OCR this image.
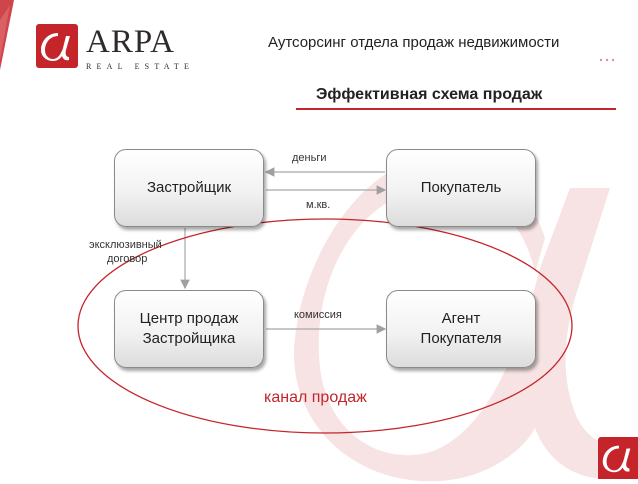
ARPA
REAL ESTATE
Аутсорсинг отдела продаж недвижимости
Эффективная схема продаж
Застройщик	Покупатель
Центр продаж
Застройщика
Агент
Покупателя
деньги
м.кв.
эксклюзивный
договор
комиссия
канал продаж
